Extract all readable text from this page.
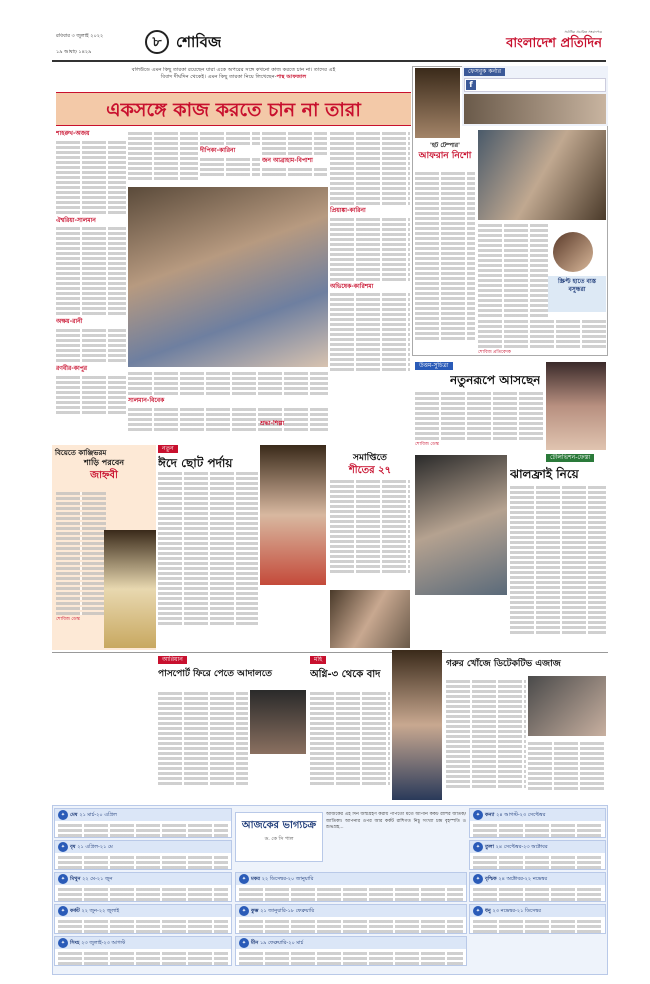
রবিবার ৩ জুলাই ২০২২
১৯ আষাঢ় ১৪২৯
৮ শোবিজ
সর্বাধিক প্রচারিত সংবাদপত্র
বাংলাদেশ প্রতিদিন
বলিউডে এমন কিছু তারকা রয়েছেন যারা একে অপরের সঙ্গে কখনো কাজ করতে চান না। তাদের এই
বিবাদ দীর্ঘদিন থেকেই। এমন কিছু তারকা নিয়ে লিখেছেন-পান্থ আফজাল
একসঙ্গে কাজ করতে চান না তারা
শাহরুখ-অজয়
ঐশ্বরিয়া-সালমান
অক্ষয়-রানী
রণবীর-কাপুর
দীপিকা-কারিনা
জন আব্রাহাম-বিপাশা
প্রিয়াঙ্কা-কারিনা
অভিষেক-কারিশমা
সালমান-বিবেক
শ্রদ্ধা-শিল্পা
ফেসবুক কর্নার
f
'হট টেম্পার'
আফরান নিশো
স্ক্রিপ্ট হাতে ব্যস্ত বসুন্ধরা
শোবিজ প্রতিবেদক
উত্তম-সুচিত্রা
নতুনরূপে আসছেন
শোবিজ ডেস্ক
টেলিভিশন-ফেস্তা
ঝালফ্রাই নিয়ে
বিয়েতে কাঞ্জিভরম
শাড়ি পরবেন
জাহ্নবী
শোবিজ ডেস্ক
নতুন
ঈদে ছোট পর্দায়	সমাপ্তিতে
শীতের ২৭
আরিয়ান
পাসপোর্ট ফিরে পেতে আদালতে
মহি
অগ্নি-৩ থেকে বাদ
গরুর খোঁজে ডিটেকটিভ এজাজ
আজকের ভাগ্যচক্র
ড. কে সি পাল
আজকের এই দিন জন্মগ্রহণ করায় পাপতো মতে আপনি কর্কট রাশির জাতক/জাতিকা। আপনার ওপর আর কর্কট রাশিগত নিচু সংখ্যা চন্দ্র বৃহস্পতি ও শুভগ্রহ...
✦ মেষ ২১ মার্চ-২০ এপ্রিল
✦ বৃষ ২১ এপ্রিল-২১ মে
✦ মিথুন ২২ মে-২১ জুন
✦ কর্কট ২২ জুন-২২ জুলাই
✦ সিংহ ২৩ জুলাই-২৩ আগস্ট
✦ কন্যা ২৪ আগস্ট-২৩ সেপ্টেম্বর
✦ তুলা ২৪ সেপ্টেম্বর-২৩ অক্টোবর
✦ বৃশ্চিক ২৪ অক্টোবর-২২ নভেম্বর
✦ ধনু ২৩ নভেম্বর-২১ ডিসেম্বর
✦ মকর ২২ ডিসেম্বর-২০ জানুয়ারি
✦ কুম্ভ ২১ জানুয়ারি-১৮ ফেব্রুয়ারি
✦ মীন ১৯ ফেব্রুয়ারি-২০ মার্চ
